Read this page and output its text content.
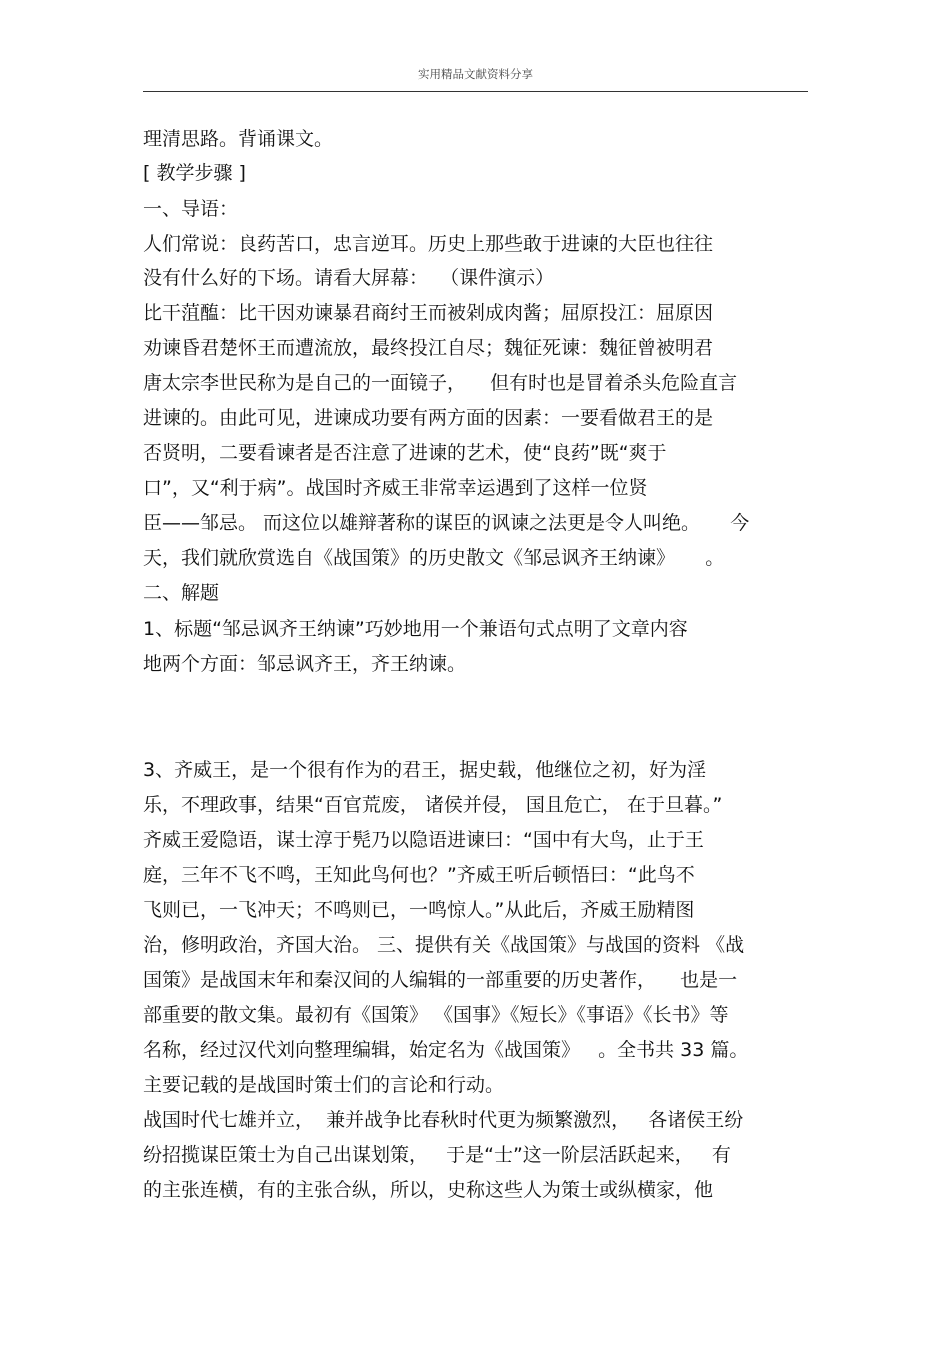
实用精品文献资料分享
理清思路。背诵课文。
[ 教学步骤 ]
一、导语：
人们常说：良药苦口，忠言逆耳。历史上那些敢于进谏的大臣也往往
没有什么好的下场。请看大屏幕：  （课件演示）
比干菹醢：比干因劝谏暴君商纣王而被剁成肉酱；屈原投江：屈原因
劝谏昏君楚怀王而遭流放，最终投江自尽；魏征死谏：魏征曾被明君
唐太宗李世民称为是自己的一面镜子，    但有时也是冒着杀头危险直言
进谏的。由此可见，进谏成功要有两方面的因素：一要看做君王的是
否贤明，二要看谏者是否注意了进谏的艺术，使“良药”既“爽于
口”，又“利于病”。战国时齐威王非常幸运遇到了这样一位贤
臣——邹忌。 而这位以雄辩著称的谋臣的讽谏之法更是令人叫绝。     今
天，我们就欣赏选自《战国策》的历史散文《邹忌讽齐王纳谏》     。
二、解题
1、标题“邹忌讽齐王纳谏”巧妙地用一个兼语句式点明了文章内容
地两个方面：邹忌讽齐王，齐王纳谏。
3、齐威王，是一个很有作为的君王，据史载，他继位之初，好为淫
乐，不理政事，结果“百官荒废， 诸侯并侵， 国且危亡， 在于旦暮。”
齐威王爱隐语，谋士淳于髡乃以隐语进谏曰：“国中有大鸟，止于王
庭，三年不飞不鸣，王知此鸟何也？”齐威王听后顿悟曰：“此鸟不
飞则已，一飞冲天；不鸣则已，一鸣惊人。”从此后，齐威王励精图
治，修明政治，齐国大治。 三、提供有关《战国策》与战国的资料 《战
国策》是战国末年和秦汉间的人编辑的一部重要的历史著作，    也是一
部重要的散文集。最初有《国策》 《国事》《短长》《事语》《长书》等
名称，经过汉代刘向整理编辑，始定名为《战国策》   。全书共 33 篇。
主要记载的是战国时策士们的言论和行动。
战国时代七雄并立，  兼并战争比春秋时代更为频繁激烈，   各诸侯王纷
纷招揽谋臣策士为自己出谋划策，   于是“士”这一阶层活跃起来，   有
的主张连横，有的主张合纵，所以，史称这些人为策士或纵横家，他
